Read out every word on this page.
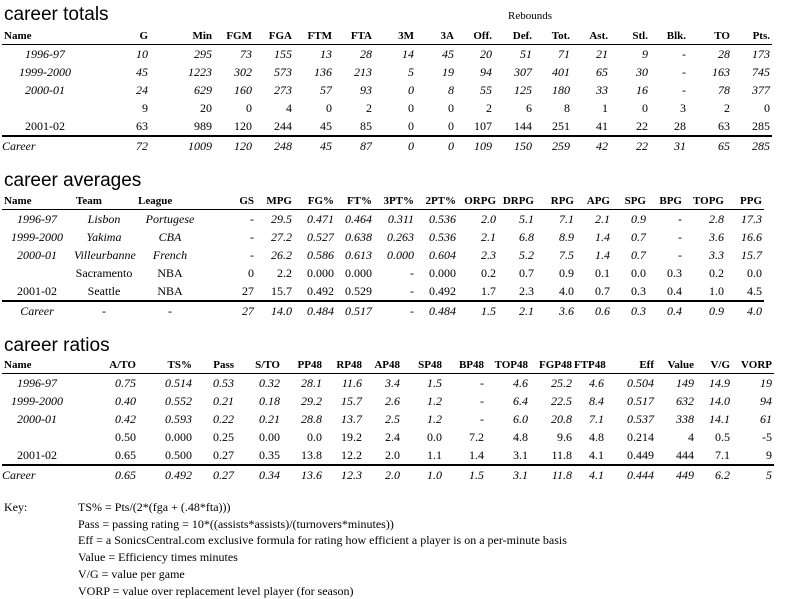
career totals	Rebounds
Name	G	Min	FGM	FGA	FTM	FTA	3M	3A	Off.	Def.	Tot.	Ast.	Stl.	Blk.	TO	Pts.
1996-97	10	295	73	155	13	28	14	45	20	51	71	21	9	-	28	173
1999-2000	45	1223	302	573	136	213	5	19	94	307	401	65	30	-	163	745
2000-01	24	629	160	273	57	93	0	8	55	125	180	33	16	-	78	377
	9	20	0	4	0	2	0	0	2	6	8	1	0	3	2	0
2001-02	63	989	120	244	45	85	0	0	107	144	251	41	22	28	63	285
Career	72	1009	120	248	45	87	0	0	109	150	259	42	22	31	65	285
career averages
Name	Team	League	GS	MPG	FG%	FT%	3PT%	2PT%	ORPG	DRPG	RPG	APG	SPG	BPG	TOPG	PPG
1996-97	Lisbon	Portugese	-	29.5	0.471	0.464	0.311	0.536	2.0	5.1	7.1	2.1	0.9	-	2.8	17.3
1999-2000	Yakima	CBA	-	27.2	0.527	0.638	0.263	0.536	2.1	6.8	8.9	1.4	0.7	-	3.6	16.6
2000-01	Villeurbanne	French	-	26.2	0.586	0.613	0.000	0.604	2.3	5.2	7.5	1.4	0.7	-	3.3	15.7
	Sacramento	NBA	0	2.2	0.000	0.000	-	0.000	0.2	0.7	0.9	0.1	0.0	0.3	0.2	0.0
2001-02	Seattle	NBA	27	15.7	0.492	0.529	-	0.492	1.7	2.3	4.0	0.7	0.3	0.4	1.0	4.5
Career	-	-	27	14.0	0.484	0.517	-	0.484	1.5	2.1	3.6	0.6	0.3	0.4	0.9	4.0
career ratios
Name	A/TO	TS%	Pass	S/TO	PP48	RP48	AP48	SP48	BP48	TOP48	FGP48	FTP48	Eff	Value	V/G	VORP
1996-97	0.75	0.514	0.53	0.32	28.1	11.6	3.4	1.5	-	4.6	25.2	4.6	0.504	149	14.9	19
1999-2000	0.40	0.552	0.21	0.18	29.2	15.7	2.6	1.2	-	6.4	22.5	8.4	0.517	632	14.0	94
2000-01	0.42	0.593	0.22	0.21	28.8	13.7	2.5	1.2	-	6.0	20.8	7.1	0.537	338	14.1	61
	0.50	0.000	0.25	0.00	0.0	19.2	2.4	0.0	7.2	4.8	9.6	4.8	0.214	4	0.5	-5
2001-02	0.65	0.500	0.27	0.35	13.8	12.2	2.0	1.1	1.4	3.1	11.8	4.1	0.449	444	7.1	9
Career	0.65	0.492	0.27	0.34	13.6	12.3	2.0	1.0	1.5	3.1	11.8	4.1	0.444	449	6.2	5
Key:	TS% = Pts/(2*(fga + (.48*fta)))
Pass = passing rating = 10*((assists*assists)/(turnovers*minutes))
Eff = a SonicsCentral.com exclusive formula for rating how efficient a player is on a per-minute basis
Value = Efficiency times minutes
V/G = value per game
VORP = value over replacement level player (for season)
